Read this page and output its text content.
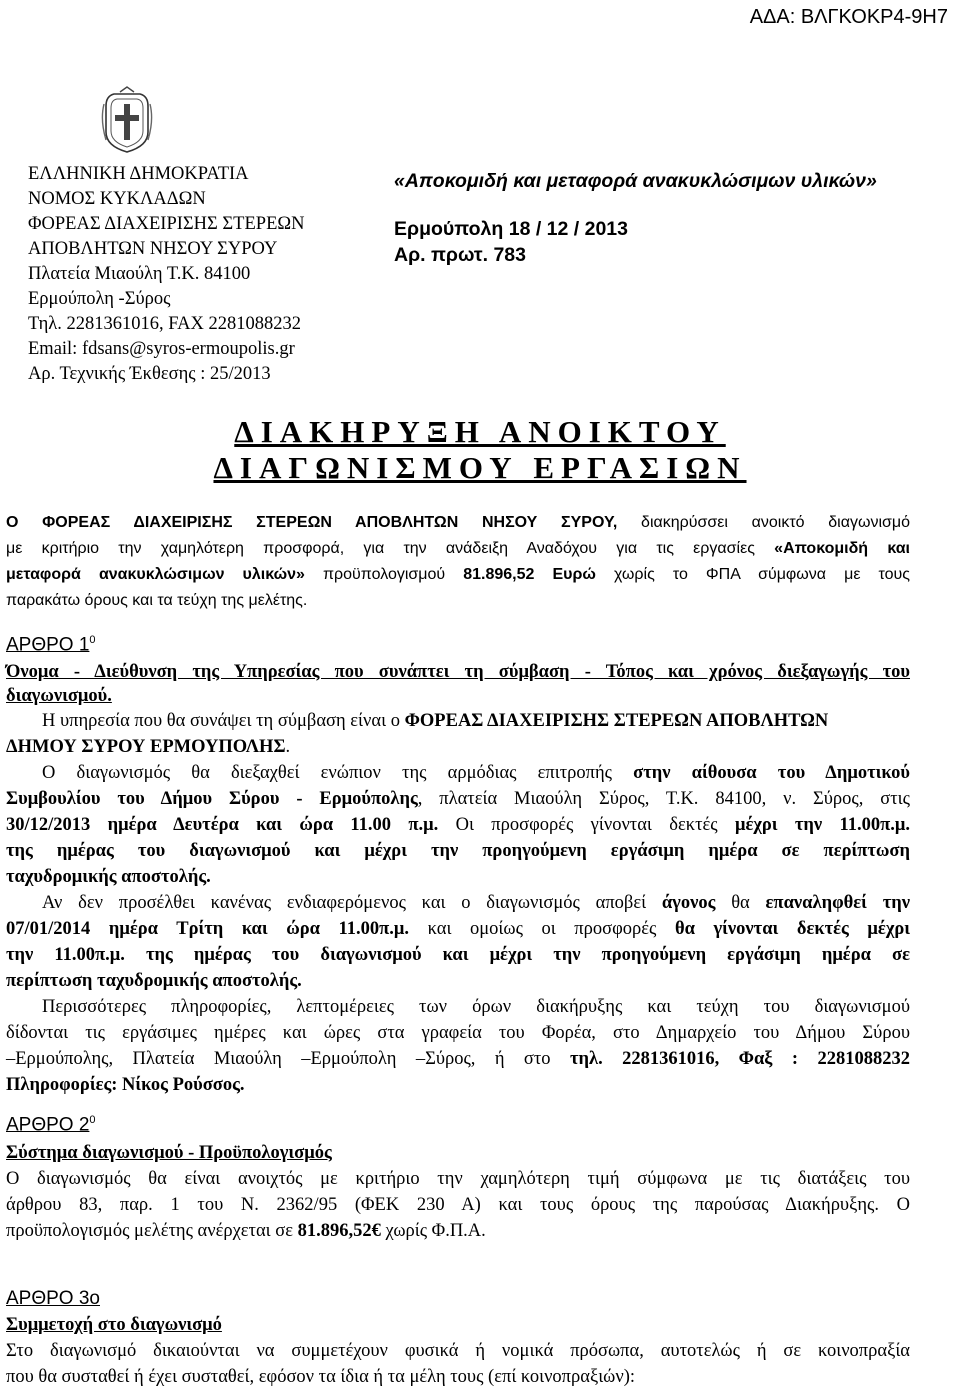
ΑΔΑ: ΒΛΓΚΟΚΡ4-9Η7
ΕΛΛΗΝΙΚΗ ΔΗΜΟΚΡΑΤΙΑ
ΝΟΜΟΣ ΚΥΚΛΑΔΩΝ
ΦΟΡΕΑΣ ΔΙΑΧΕΙΡΙΣΗΣ ΣΤΕΡΕΩΝ
ΑΠΟΒΛΗΤΩΝ ΝΗΣΟΥ ΣΥΡΟΥ
Πλατεία Μιαούλη Τ.Κ. 84100
Ερμούπολη -Σύρος
Τηλ. 2281361016, FAX 2281088232
Email: fdsans@syros-ermoupolis.gr
Αρ. Τεχνικής Έκθεσης : 25/2013
«Αποκομιδή και μεταφορά ανακυκλώσιμων υλικών»
Ερμούπολη 18 / 12 / 2013
Αρ. πρωτ. 783
ΔΙΑΚΗΡΥΞΗ ΑΝΟΙΚΤΟΥ
ΔΙΑΓΩΝΙΣΜΟΥ ΕΡΓΑΣΙΩΝ
Ο ΦΟΡΕΑΣ ΔΙΑΧΕΙΡΙΣΗΣ ΣΤΕΡΕΩΝ ΑΠΟΒΛΗΤΩΝ ΝΗΣΟΥ ΣΥΡΟΥ, διακηρύσσει ανοικτό διαγωνισμό
με κριτήριο την χαμηλότερη προσφορά, για την ανάδειξη Αναδόχου για τις εργασίες «Αποκομιδή και
μεταφορά ανακυκλώσιμων υλικών» προϋπολογισμού 81.896,52 Ευρώ χωρίς το ΦΠΑ σύμφωνα με τους
παρακάτω όρους και τα τεύχη της μελέτης.
ΑΡΘΡΟ $1^0$
Όνομα - Διεύθυνση της Υπηρεσίας που συνάπτει τη σύμβαση - Τόπος και χρόνος διεξαγωγής του
διαγωνισμού.
Η υπηρεσία που θα συνάψει τη σύμβαση είναι ο ΦΟΡΕΑΣ ΔΙΑΧΕΙΡΙΣΗΣ ΣΤΕΡΕΩΝ ΑΠΟΒΛΗΤΩΝ
ΔΗΜΟΥ ΣΥΡΟΥ ΕΡΜΟΥΠΟΛΗΣ.
Ο διαγωνισμός θα διεξαχθεί ενώπιον της αρμόδιας επιτροπής στην αίθουσα του Δημοτικού
Συμβουλίου του Δήμου Σύρου - Ερμούπολης, πλατεία Μιαούλη Σύρος, Τ.Κ. 84100, ν. Σύρος, στις
30/12/2013 ημέρα Δευτέρα και ώρα 11.00 π.μ. Οι προσφορές γίνονται δεκτές μέχρι την 11.00π.μ.
της ημέρας του διαγωνισμού και μέχρι την προηγούμενη εργάσιμη ημέρα σε περίπτωση
ταχυδρομικής αποστολής.
Αν δεν προσέλθει κανένας ενδιαφερόμενος και ο διαγωνισμός αποβεί άγονος θα επαναληφθεί την
07/01/2014 ημέρα Τρίτη και ώρα 11.00π.μ. και ομοίως οι προσφορές θα γίνονται δεκτές μέχρι
την 11.00π.μ. της ημέρας του διαγωνισμού και μέχρι την προηγούμενη εργάσιμη ημέρα σε
περίπτωση ταχυδρομικής αποστολής.
Περισσότερες πληροφορίες, λεπτομέρειες των όρων διακήρυξης και τεύχη του διαγωνισμού
δίδονται τις εργάσιμες ημέρες και ώρες στα γραφεία του Φορέα, στο Δημαρχείο του Δήμου Σύρου
–Ερμούπολης, Πλατεία Μιαούλη –Ερμούπολη –Σύρος, ή στο τηλ. 2281361016, Φαξ : 2281088232
Πληροφορίες: Νίκος Ρούσσος.
ΑΡΘΡΟ $2^0$
Σύστημα διαγωνισμού - Προϋπολογισμός
Ο διαγωνισμός θα είναι ανοιχτός με κριτήριο την χαμηλότερη τιμή σύμφωνα με τις διατάξεις του
άρθρου 83, παρ. 1 του Ν. 2362/95 (ΦΕΚ 230 Α) και τους όρους της παρούσας Διακήρυξης. Ο
προϋπολογισμός μελέτης ανέρχεται σε 81.896,52€ χωρίς Φ.Π.Α.
ΑΡΘΡΟ 3ο
Συμμετοχή στο διαγωνισμό
Στο διαγωνισμό δικαιούνται να συμμετέχουν φυσικά ή νομικά πρόσωπα, αυτοτελώς ή σε κοινοπραξία
που θα συσταθεί ή έχει συσταθεί, εφόσον τα ίδια ή τα μέλη τους (επί κοινοπραξιών):
